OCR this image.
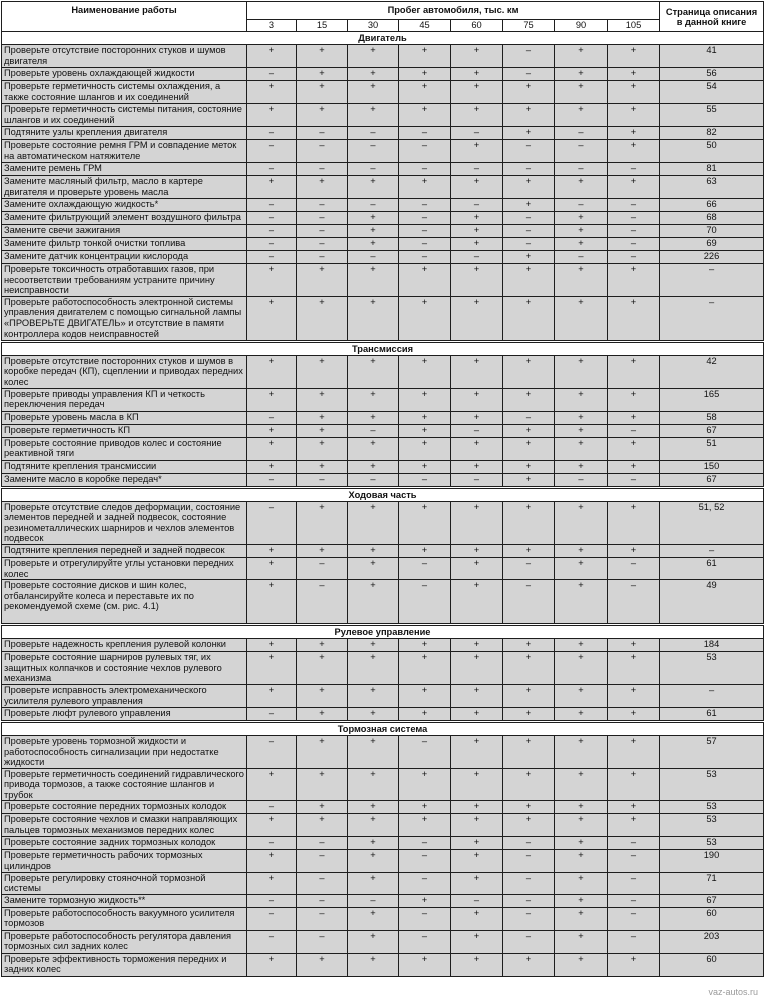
Наименование работы	Пробег автомобиля, тыс. км								Страница описания
в данной книге

	3	15	30	45	60	75	90	105	
Двигатель									
Проверьте отсутствие посторонних стуков и шумов двигателя	+	+	+	+	+	–	+	+	41
Проверьте уровень охлаждающей жидкости	–	+	+	+	+	–	+	+	56
Проверьте герметичность системы охлаждения, а также состояние шлангов и их соединений	+	+	+	+	+	+	+	+	54
Проверьте герметичность системы питания, состояние шлангов и их соединений	+	+	+	+	+	+	+	+	55
Подтяните узлы крепления двигателя	–	–	–	–	–	+	–	+	82
Проверьте состояние ремня ГРМ и совпадение меток на автоматическом натяжителе	–	–	–	–	+	–	–	+	50
Замените ремень ГРМ	–	–	–	–	–	–	–	–	81
Замените масляный фильтр, масло в картере двигателя и проверьте уровень масла	+	+	+	+	+	+	+	+	63
Замените охлаждающую жидкость*	–	–	–	–	–	+	–	–	66
Замените фильтрующий элемент воздушного фильтра	–	–	+	–	+	–	+	–	68
Замените свечи зажигания	–	–	+	–	+	–	+	–	70
Замените фильтр тонкой очистки топлива	–	–	+	–	+	–	+	–	69
Замените датчик концентрации кислорода	–	–	–	–	–	+	–	–	226
Проверьте токсичность отработавших газов, при несоответствии требованиям устраните причину неисправности	+	+	+	+	+	+	+	+	–
Проверьте работоспособность электронной системы управления двигателем с помощью сигнальной лампы «ПРОВЕРЬТЕ ДВИГАТЕЛЬ» и отсутствие в памяти контроллера кодов неисправностей	+	+	+	+	+	+	+	+	–

Трансмиссия									
Проверьте отсутствие посторонних стуков и шумов в коробке передач (КП), сцеплении и приводах передних колес	+	+	+	+	+	+	+	+	42
Проверьте приводы управления КП и четкость переключения передач	+	+	+	+	+	+	+	+	165
Проверьте уровень масла в КП	–	+	+	+	+	–	+	+	58
Проверьте герметичность КП	+	+	–	+	–	+	+	–	67
Проверьте состояние приводов колес и состояние реактивной тяги	+	+	+	+	+	+	+	+	51
Подтяните крепления трансмиссии	+	+	+	+	+	+	+	+	150
Замените масло в коробке передач*	–	–	–	–	–	+	–	–	67

Ходовая часть									
Проверьте отсутствие следов деформации, состояние элементов передней и задней подвесок, состояние резинометаллических шарниров и чехлов элементов подвесок	–	+	+	+	+	+	+	+	51, 52
Подтяните крепления передней и задней подвесок	+	+	+	+	+	+	+	+	–
Проверьте и отрегулируйте углы установки передних колес	+	–	+	–	+	–	+	–	61
Проверьте состояние дисков и шин колес, отбалансируйте колеса и переставьте их по рекомендуемой схеме (см. рис. 4.1)	+	–	+	–	+	–	+	–	49

Рулевое управление									
Проверьте надежность крепления рулевой колонки	+	+	+	+	+	+	+	+	184
Проверьте состояние шарниров рулевых тяг, их защитных колпачков и состояние чехлов рулевого механизма	+	+	+	+	+	+	+	+	53
Проверьте исправность электромеханического усилителя рулевого управления	+	+	+	+	+	+	+	+	–
Проверьте люфт рулевого управления	–	+	+	+	+	+	+	+	61

Тормозная система									
Проверьте уровень тормозной жидкости и работоспособность сигнализации при недостатке жидкости	–	+	+	–	+	+	+	+	57
Проверьте герметичность соединений гидравлического привода тормозов, а также состояние шлангов и трубок	+	+	+	+	+	+	+	+	53
Проверьте состояние передних тормозных колодок	–	+	+	+	+	+	+	+	53
Проверьте состояние чехлов и смазки направляющих пальцев тормозных механизмов передних колес	+	+	+	+	+	+	+	+	53
Проверьте состояние задних тормозных колодок	–	–	+	–	+	–	+	–	53
Проверьте герметичность рабочих тормозных цилиндров	+	–	+	–	+	–	+	–	190
Проверьте регулировку стояночной тормозной системы	+	–	+	–	+	–	+	–	71
Замените тормозную жидкость**	–	–	–	+	–	–	+	–	67
Проверьте работоспособность вакуумного усилителя тормозов	–	–	+	–	+	–	+	–	60
Проверьте работоспособность регулятора давления тормозных сил задних колес	–	–	+	–	+	–	+	–	203
Проверьте эффективность торможения передних и задних колес	+	+	+	+	+	+	+	+	60
vaz-autos.ru
